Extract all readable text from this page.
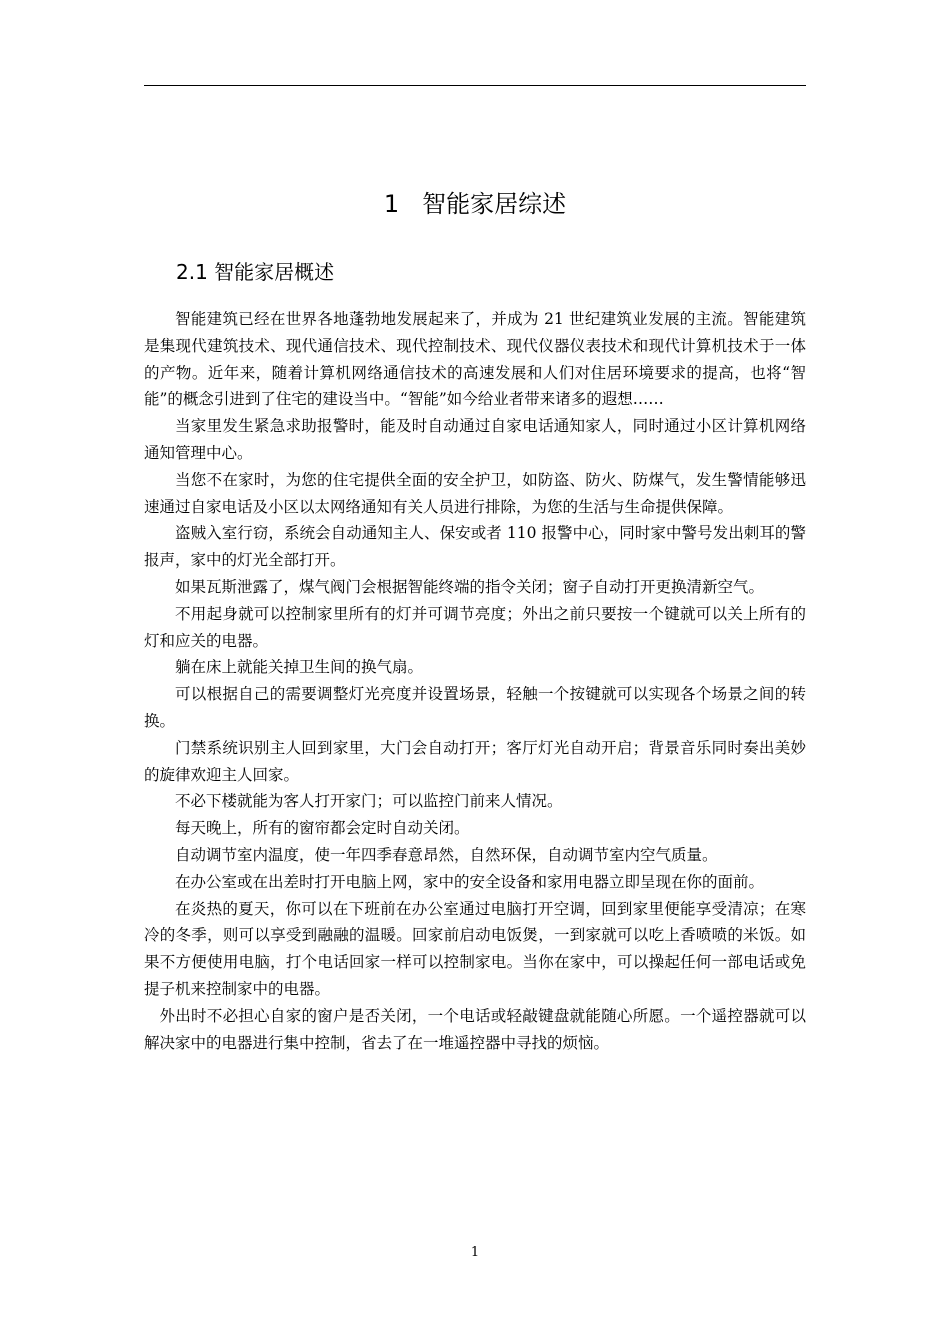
1   智能家居综述
2.1 智能家居概述

智能建筑已经在世界各地蓬勃地发展起来了，并成为 21 世纪建筑业发展的主流。智能建筑是集现代建筑技术、现代通信技术、现代控制技术、现代仪器仪表技术和现代计算机技术于一体的产物。近年来，随着计算机网络通信技术的高速发展和人们对住居环境要求的提高，也将“智能”的概念引进到了住宅的建设当中。“智能”如今给业者带来诸多的遐想……

当家里发生紧急求助报警时，能及时自动通过自家电话通知家人，同时通过小区计算机网络通知管理中心。

当您不在家时，为您的住宅提供全面的安全护卫，如防盗、防火、防煤气，发生警情能够迅速通过自家电话及小区以太网络通知有关人员进行排除，为您的生活与生命提供保障。

盗贼入室行窃，系统会自动通知主人、保安或者 110 报警中心，同时家中警号发出刺耳的警报声，家中的灯光全部打开。

如果瓦斯泄露了，煤气阀门会根据智能终端的指令关闭；窗子自动打开更换清新空气。

不用起身就可以控制家里所有的灯并可调节亮度；外出之前只要按一个键就可以关上所有的灯和应关的电器。

躺在床上就能关掉卫生间的换气扇。

可以根据自己的需要调整灯光亮度并设置场景，轻触一个按键就可以实现各个场景之间的转换。

门禁系统识别主人回到家里，大门会自动打开；客厅灯光自动开启；背景音乐同时奏出美妙的旋律欢迎主人回家。

不必下楼就能为客人打开家门；可以监控门前来人情况。

每天晚上，所有的窗帘都会定时自动关闭。

自动调节室内温度，使一年四季春意昂然，自然环保，自动调节室内空气质量。

在办公室或在出差时打开电脑上网，家中的安全设备和家用电器立即呈现在你的面前。

在炎热的夏天，你可以在下班前在办公室通过电脑打开空调，回到家里便能享受清凉；在寒冷的冬季，则可以享受到融融的温暖。回家前启动电饭煲，一到家就可以吃上香喷喷的米饭。如果不方便使用电脑，打个电话回家一样可以控制家电。当你在家中，可以操起任何一部电话或免提子机来控制家中的电器。

外出时不必担心自家的窗户是否关闭，一个电话或轻敲键盘就能随心所愿。一个遥控器就可以解决家中的电器进行集中控制，省去了在一堆遥控器中寻找的烦恼。

1
